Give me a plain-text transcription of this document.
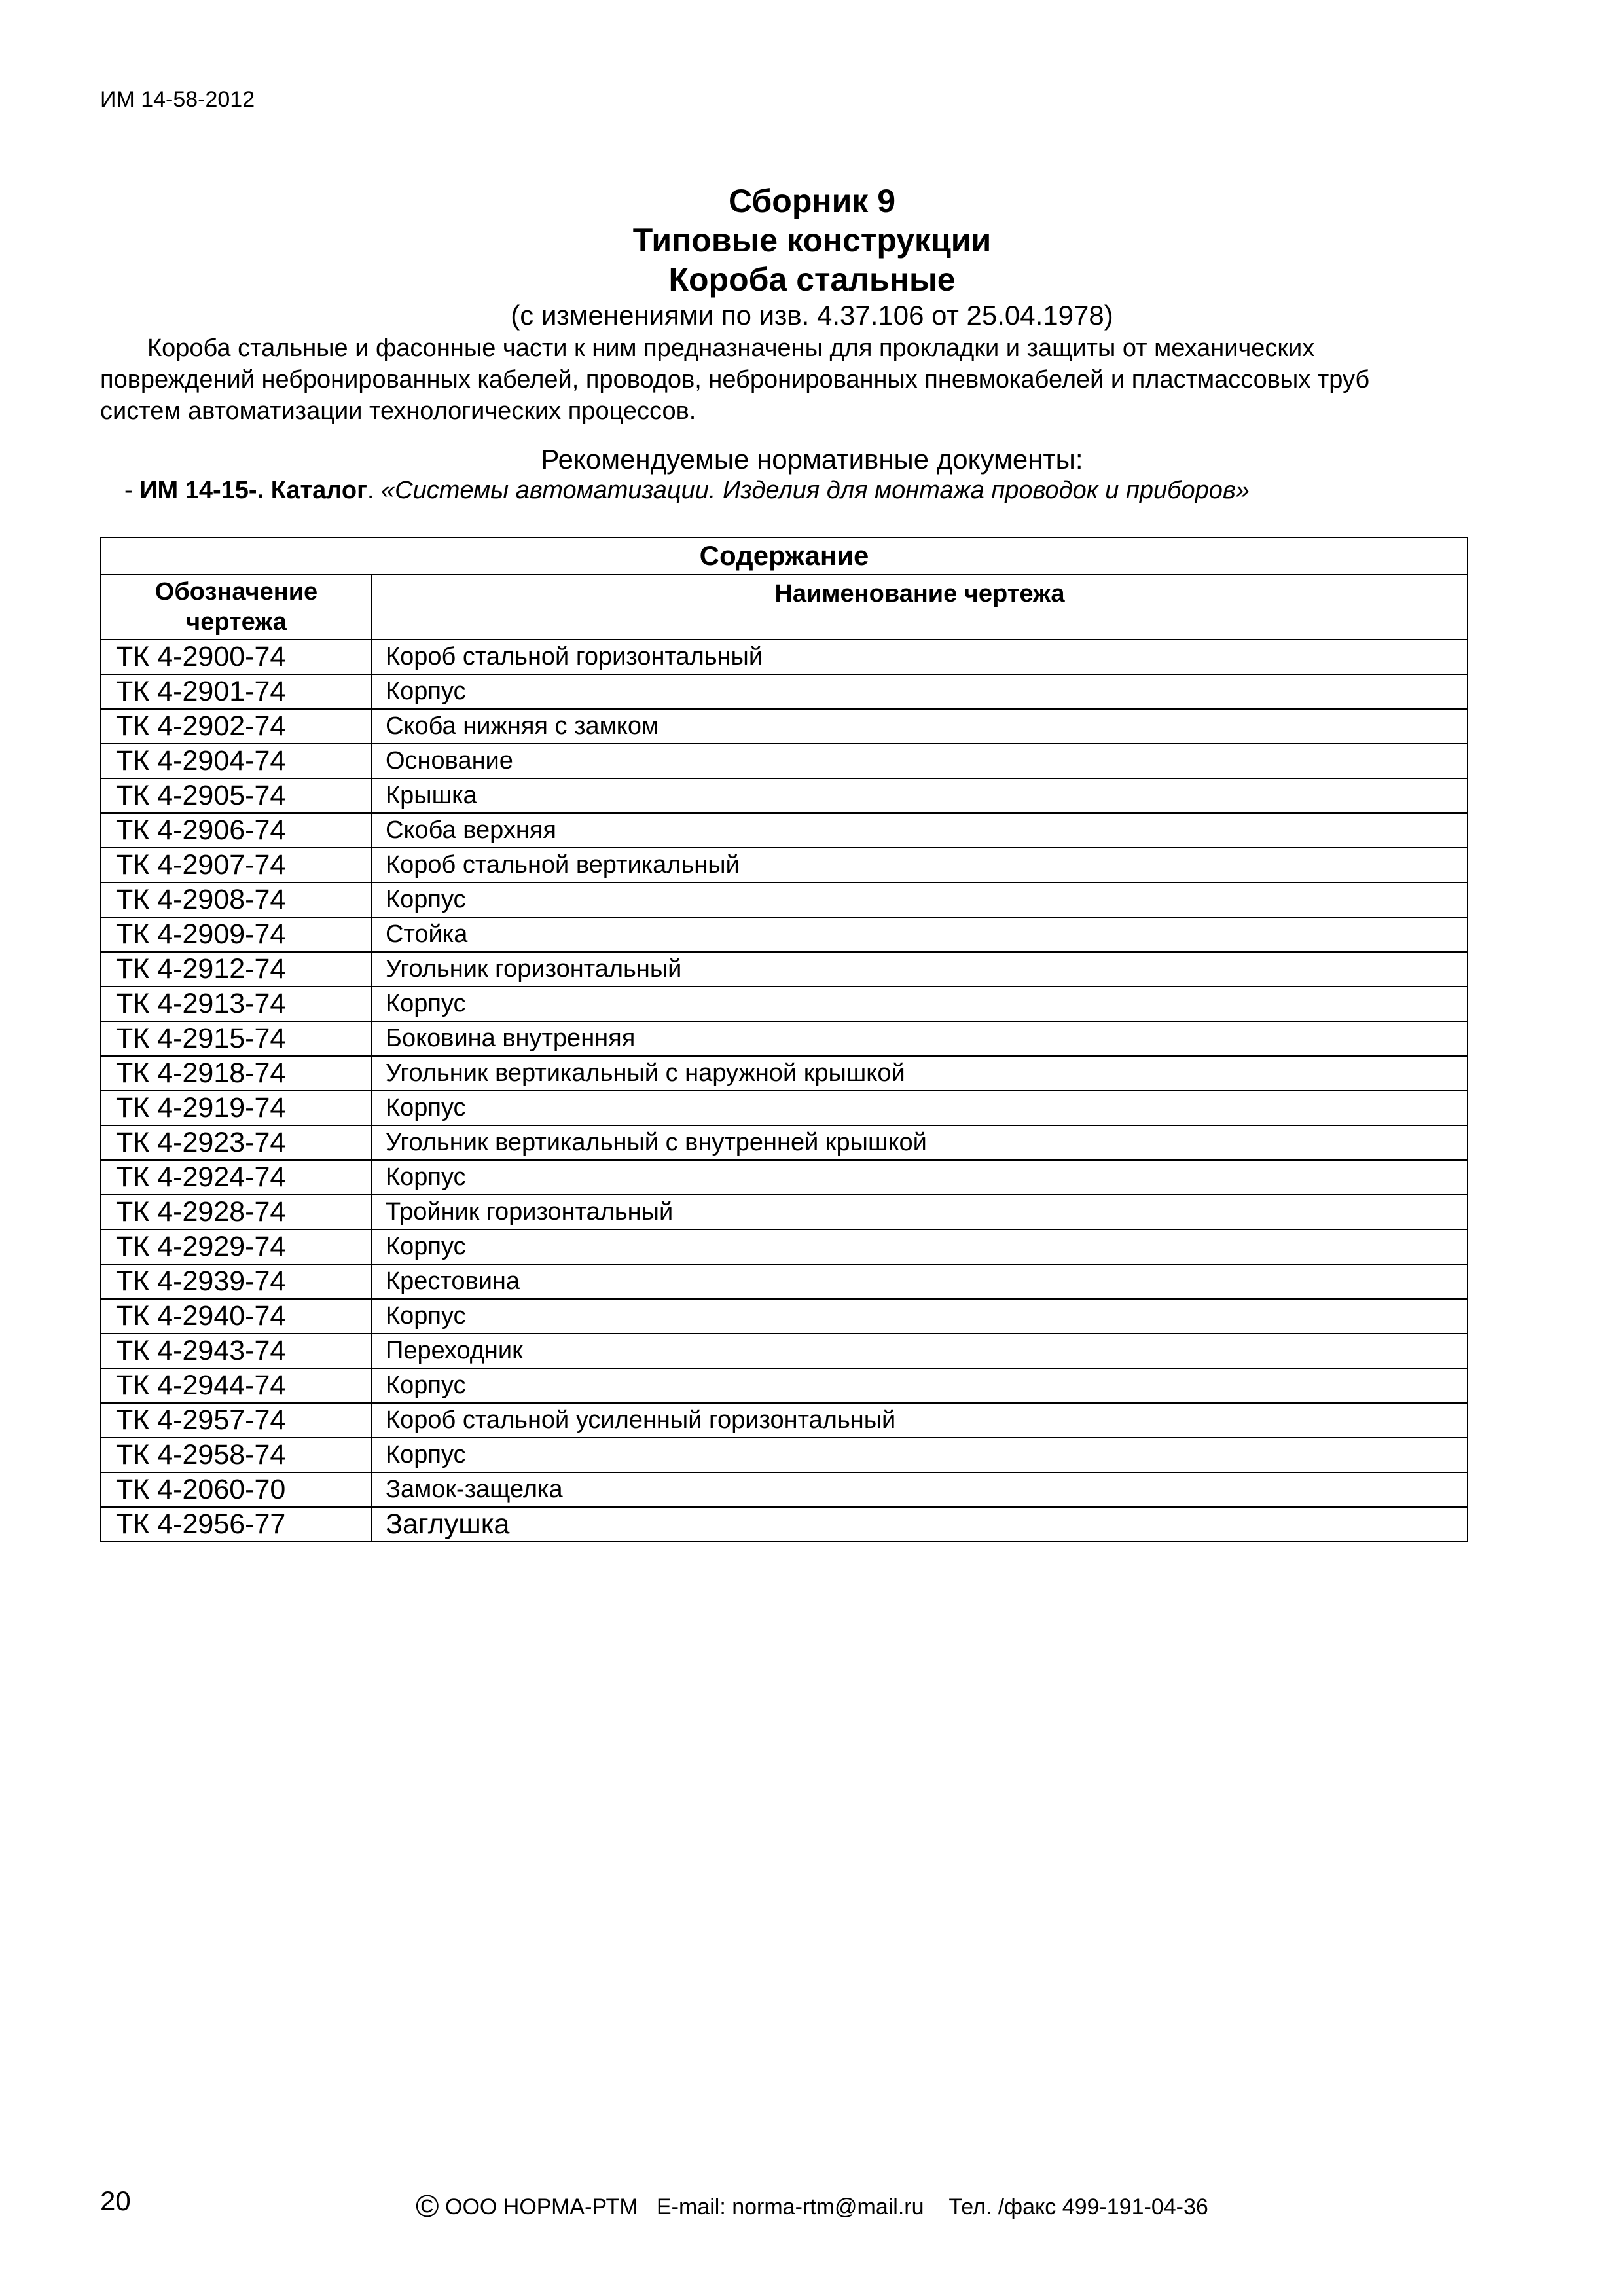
ИМ 14-58-2012
Сборник 9
Типовые конструкции
Короба стальные
(с изменениями по изв. 4.37.106 от 25.04.1978)
Короба стальные и фасонные части к ним предназначены для прокладки и защиты от механических повреждений небронированных кабелей, проводов, небронированных пневмокабелей и пластмассовых труб систем автоматизации технологических процессов.
Рекомендуемые нормативные документы:
- ИМ 14-15-. Каталог. «Системы автоматизации. Изделия для монтажа проводок и приборов»
Содержание	
Обозначение чертежа	Наименование чертежа
ТК 4-2900-74	Короб стальной горизонтальный
ТК 4-2901-74	Корпус
ТК 4-2902-74	Скоба нижняя с замком
ТК 4-2904-74	Основание
ТК 4-2905-74	Крышка
ТК 4-2906-74	Скоба верхняя
ТК 4-2907-74	Короб стальной вертикальный
ТК 4-2908-74	Корпус
ТК 4-2909-74	Стойка
ТК 4-2912-74	Угольник горизонтальный
ТК 4-2913-74	Корпус
ТК 4-2915-74	Боковина внутренняя
ТК 4-2918-74	Угольник вертикальный с наружной крышкой
ТК 4-2919-74	Корпус
ТК 4-2923-74	Угольник вертикальный с внутренней крышкой
ТК 4-2924-74	Корпус
ТК 4-2928-74	Тройник горизонтальный
ТК 4-2929-74	Корпус
ТК 4-2939-74	Крестовина
ТК 4-2940-74	Корпус
ТК 4-2943-74	Переходник
ТК 4-2944-74	Корпус
ТК 4-2957-74	Короб стальной усиленный горизонтальный
ТК 4-2958-74	Корпус
ТК 4-2060-70	Замок-защелка
ТК 4-2956-77	Заглушка
20	© ООО НОРМА-РТМ E-mail: norma-rtm@mail.ru Тел. /факс 499-191-04-36
